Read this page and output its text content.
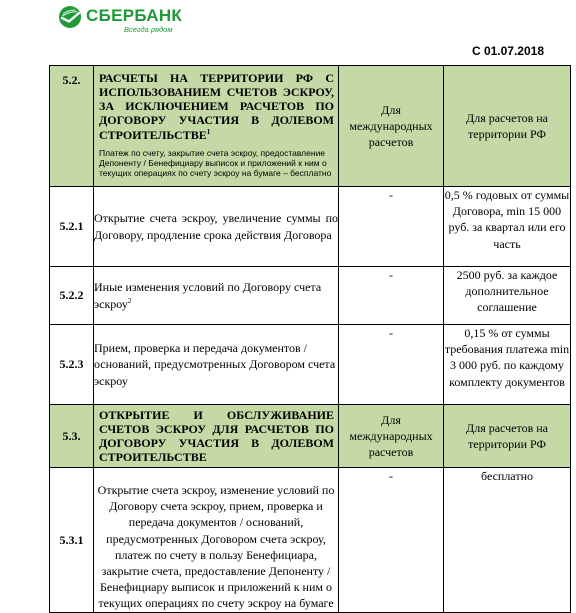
СБЕРБАНК
Всегда рядом
С 01.07.2018
5.2.	РАСЧЕТЫ НА ТЕРРИТОРИИ РФ С ИСПОЛЬЗОВАНИЕМ СЧЕТОВ ЭСКРОУ, ЗА ИСКЛЮЧЕНИЕМ РАСЧЕТОВ ПО ДОГОВОРУ УЧАСТИЯ В ДОЛЕВОМ СТРОИТЕЛЬСТВЕ$^1$
Платеж по счету, закрытие счета эскроу, предоставление Депоненту / Бенефициару выписок и приложений к ним о текущих операциях по счету эскроу на бумаге – бесплатно	Для международных расчетов	Для расчетов на территории РФ
5.2.1	Открытие счета эскроу, увеличение суммы по Договору, продление срока действия Договора	-	0,5 % годовых от суммы Договора, min 15 000 руб. за квартал или его часть
5.2.2	Иные изменения условий по Договору счета эскроу$^2$	-	2500 руб. за каждое дополнительное соглашение
5.2.3	Прием, проверка и передача документов / оснований, предусмотренных Договором счета эскроу	-	0,15 % от суммы требования платежа min 3 000 руб. по каждому комплекту документов
5.3.	ОТКРЫТИЕ И ОБСЛУЖИВАНИЕ СЧЕТОВ ЭСКРОУ ДЛЯ РАСЧЕТОВ ПО ДОГОВОРУ УЧАСТИЯ В ДОЛЕВОМ СТРОИТЕЛЬСТВЕ	Для международных расчетов	Для расчетов на территории РФ
5.3.1	Открытие счета эскроу, изменение условий по Договору счета эскроу, прием, проверка и передача документов / оснований, предусмотренных Договором счета эскроу, платеж по счету в пользу Бенефициара, закрытие счета, предоставление Депоненту / Бенефициару выписок и приложений к ним о текущих операциях по счету эскроу на бумаге	-	бесплатно
